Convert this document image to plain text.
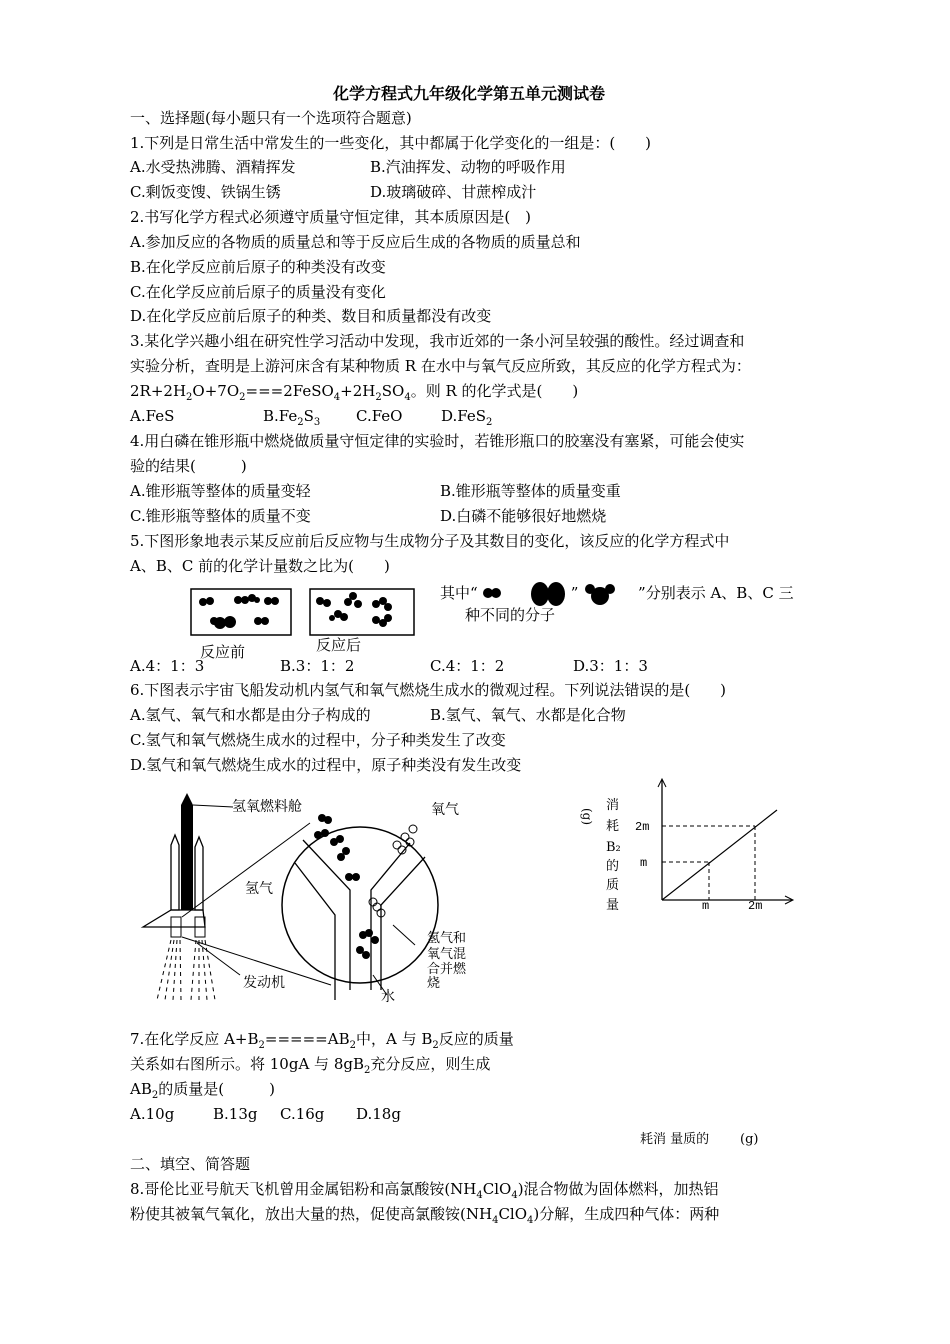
化学方程式九年级化学第五单元测试卷
一、选择题(每小题只有一个选项符合题意)
1.下列是日常生活中常发生的一些变化，其中都属于化学变化的一组是：(　　)
A.水受热沸腾、酒精挥发	B.汽油挥发、动物的呼吸作用
C.剩饭变馊、铁锅生锈	D.玻璃破碎、甘蔗榨成汁
2.书写化学方程式必须遵守质量守恒定律，其本质原因是(　)
A.参加反应的各物质的质量总和等于反应后生成的各物质的质量总和
B.在化学反应前后原子的种类没有改变
C.在化学反应前后原子的质量没有变化
D.在化学反应前后原子的种类、数目和质量都没有改变
3.某化学兴趣小组在研究性学习活动中发现，我市近郊的一条小河呈较强的酸性。经过调查和
实验分析，查明是上游河床含有某种物质 R 在水中与氧气反应所致，其反应的化学方程式为：
$2R+2H_2O+7O_2===2FeSO_4+2H_2SO_4$。则 R 的化学式是(　　)
A.FeS	$B.Fe_2S_3$ C.FeO	D.FeS$_2$
4.用白磷在锥形瓶中燃烧做质量守恒定律的实验时，若锥形瓶口的胶塞没有塞紧，可能会使实
验的结果(　　　)
A.锥形瓶等整体的质量变轻	B.锥形瓶等整体的质量变重
C.锥形瓶等整体的质量不变	D.白磷不能够很好地燃烧
5.下图形象地表示某反应前后反应物与生成物分子及其数目的变化，该反应的化学方程式中
A、B、C 前的化学计量数之比为(　　)
反应前	反应后
其中“	”	”分别表示 A、B、C 三
种不同的分子
A.4：1：3	B.3：1：2	C.4：1：2	D.3：1：3
6.下图表示宇宙飞船发动机内氢气和氧气燃烧生成水的微观过程。下列说法错误的是(　　)
A.氢气、氧气和水都是由分子构成的	B.氢气、氧气、水都是化合物
C.氢气和氧气燃烧生成水的过程中，分子种类发生了改变
D.氢气和氧气燃烧生成水的过程中，原子种类没有发生改变
氢氧燃料舱	氧气
氢气
氢气和
氧气混
合并燃
烧
发动机
水
(g)
消
耗
B₂
的
质
量
2m
m
m	2m
7.在化学反应 $A+B_2=====AB_2$中，A 与 $B_2$反应的质量
关系如右图所示。将 10gA 与 $8gB_2$充分反应，则生成
$AB_2$的质量是(　　　)
A.10g	B.13g C.16g D.18g
耗消 量质的 (g)
二、填空、简答题
8.哥伦比亚号航天飞机曾用金属铝粉和高氯酸铵$(NH_4ClO_4)$混合物做为固体燃料，加热铝
粉使其被氧气氧化，放出大量的热，促使高氯酸铵$(NH_4ClO_4)$分解，生成四种气体：两种
